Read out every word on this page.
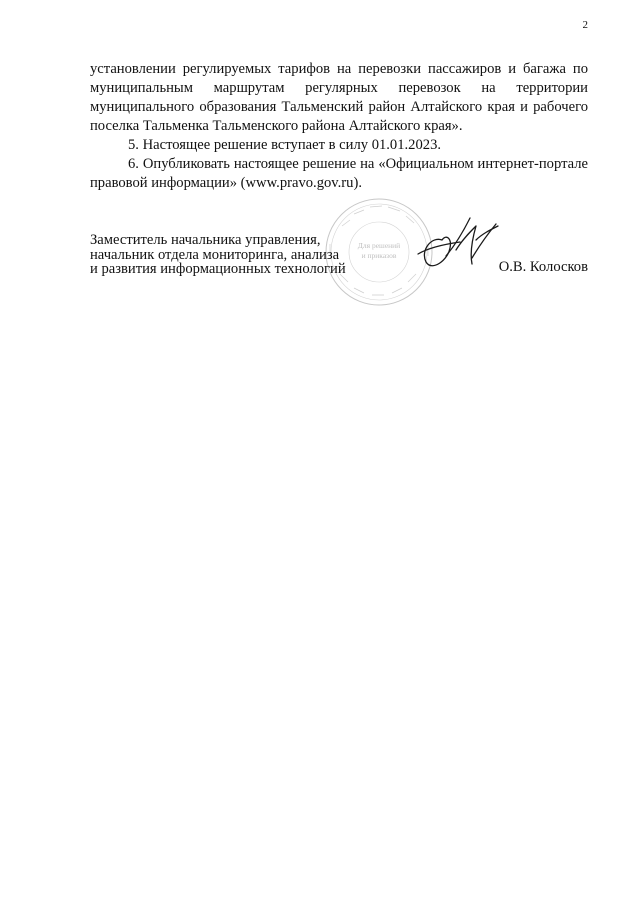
2

установлении регулируемых тарифов на перевозки пассажиров и багажа по муниципальным маршрутам регулярных перевозок на территории муниципального образования Тальменский район Алтайского края и рабочего поселка Тальменка Тальменского района Алтайского края».

5. Настоящее решение вступает в силу 01.01.2023.

6. Опубликовать настоящее решение на «Официальном интернет-портале правовой информации» (www.pravo.gov.ru).

Для решений
и приказов
Заместитель начальника управления,
начальник отдела мониторинга, анализа
и развития информационных технологий	О.В. Колосков
